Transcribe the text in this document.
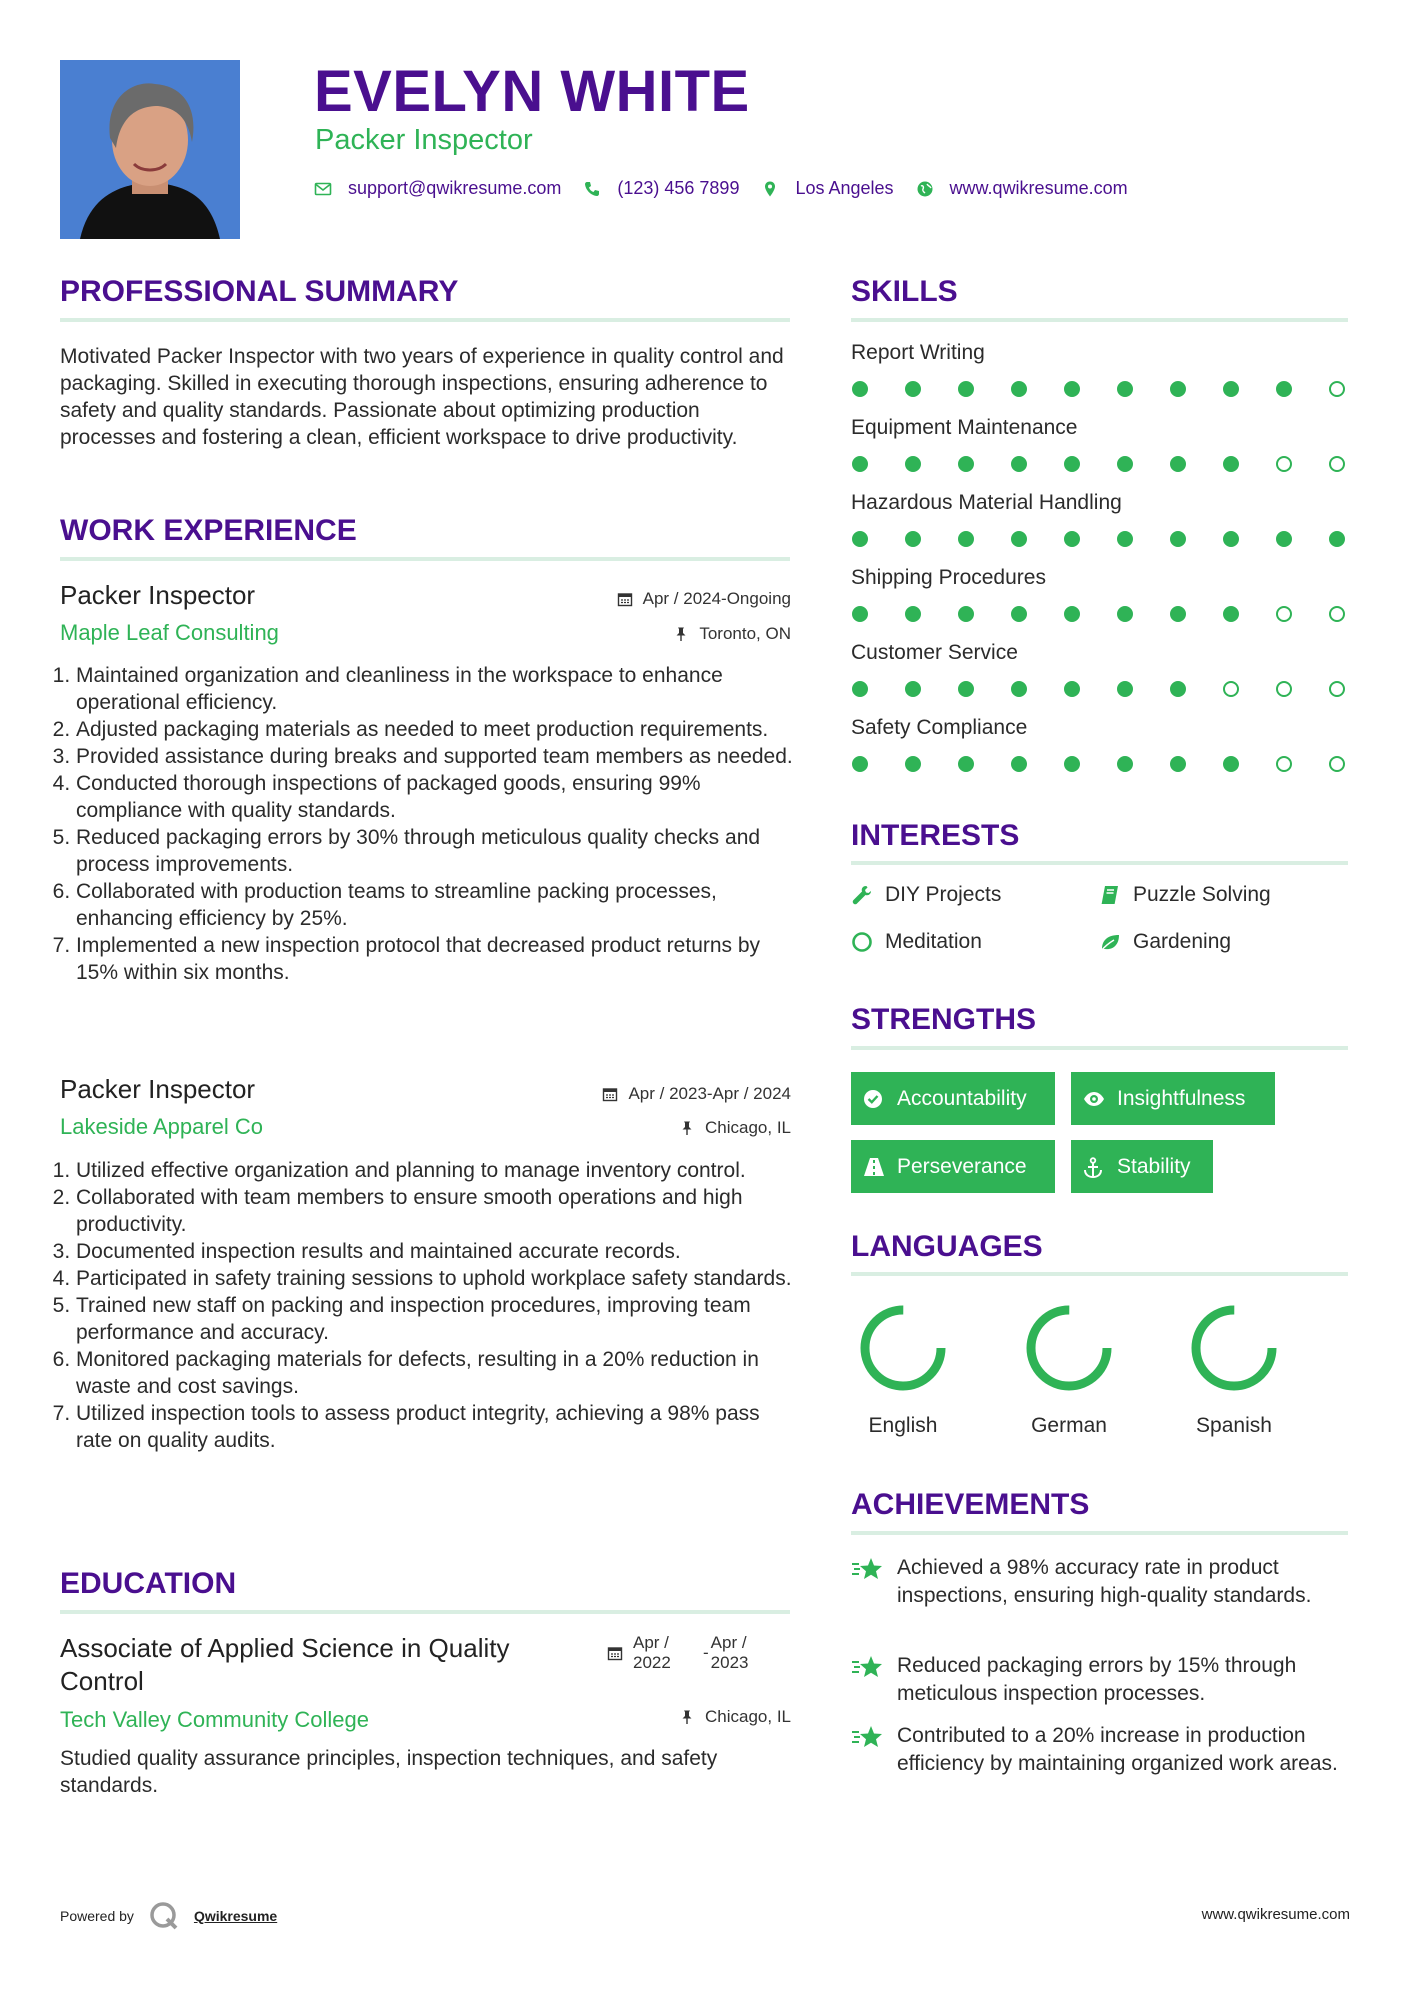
EVELYN WHITE
Packer Inspector
support@qwikresume.com	(123) 456 7899	Los Angeles	www.qwikresume.com
PROFESSIONAL SUMMARY
Motivated Packer Inspector with two years of experience in quality control and packaging. Skilled in executing thorough inspections, ensuring adherence to safety and quality standards. Passionate about optimizing production processes and fostering a clean, efficient workspace to drive productivity.
WORK EXPERIENCE
Packer Inspector	Apr / 2024-Ongoing
Maple Leaf Consulting	Toronto, ON
1. Maintained organization and cleanliness in the workspace to enhance operational efficiency.
2. Adjusted packaging materials as needed to meet production requirements.
3. Provided assistance during breaks and supported team members as needed.
4. Conducted thorough inspections of packaged goods, ensuring 99% compliance with quality standards.
5. Reduced packaging errors by 30% through meticulous quality checks and process improvements.
6. Collaborated with production teams to streamline packing processes, enhancing efficiency by 25%.
7. Implemented a new inspection protocol that decreased product returns by 15% within six months.
Packer Inspector	Apr / 2023-Apr / 2024
Lakeside Apparel Co	Chicago, IL
1. Utilized effective organization and planning to manage inventory control.
2. Collaborated with team members to ensure smooth operations and high productivity.
3. Documented inspection results and maintained accurate records.
4. Participated in safety training sessions to uphold workplace safety standards.
5. Trained new staff on packing and inspection procedures, improving team performance and accuracy.
6. Monitored packaging materials for defects, resulting in a 20% reduction in waste and cost savings.
7. Utilized inspection tools to assess product integrity, achieving a 98% pass rate on quality audits.
EDUCATION
Associate of Applied Science in Quality Control
Apr / 2022
-
Apr / 2023
Tech Valley Community College	Chicago, IL
Studied quality assurance principles, inspection techniques, and safety standards.
SKILLS
Report Writing
Equipment Maintenance
Hazardous Material Handling
Shipping Procedures
Customer Service
Safety Compliance
INTERESTS
DIY Projects	Puzzle Solving
Meditation	Gardening
STRENGTHS
Accountability	Insightfulness
Perseverance	Stability
LANGUAGES
English	German	Spanish
ACHIEVEMENTS
Achieved a 98% accuracy rate in product inspections, ensuring high-quality standards.
Reduced packaging errors by 15% through meticulous inspection processes.
Contributed to a 20% increase in production efficiency by maintaining organized work areas.
Powered by	Qwikresume	www.qwikresume.com
